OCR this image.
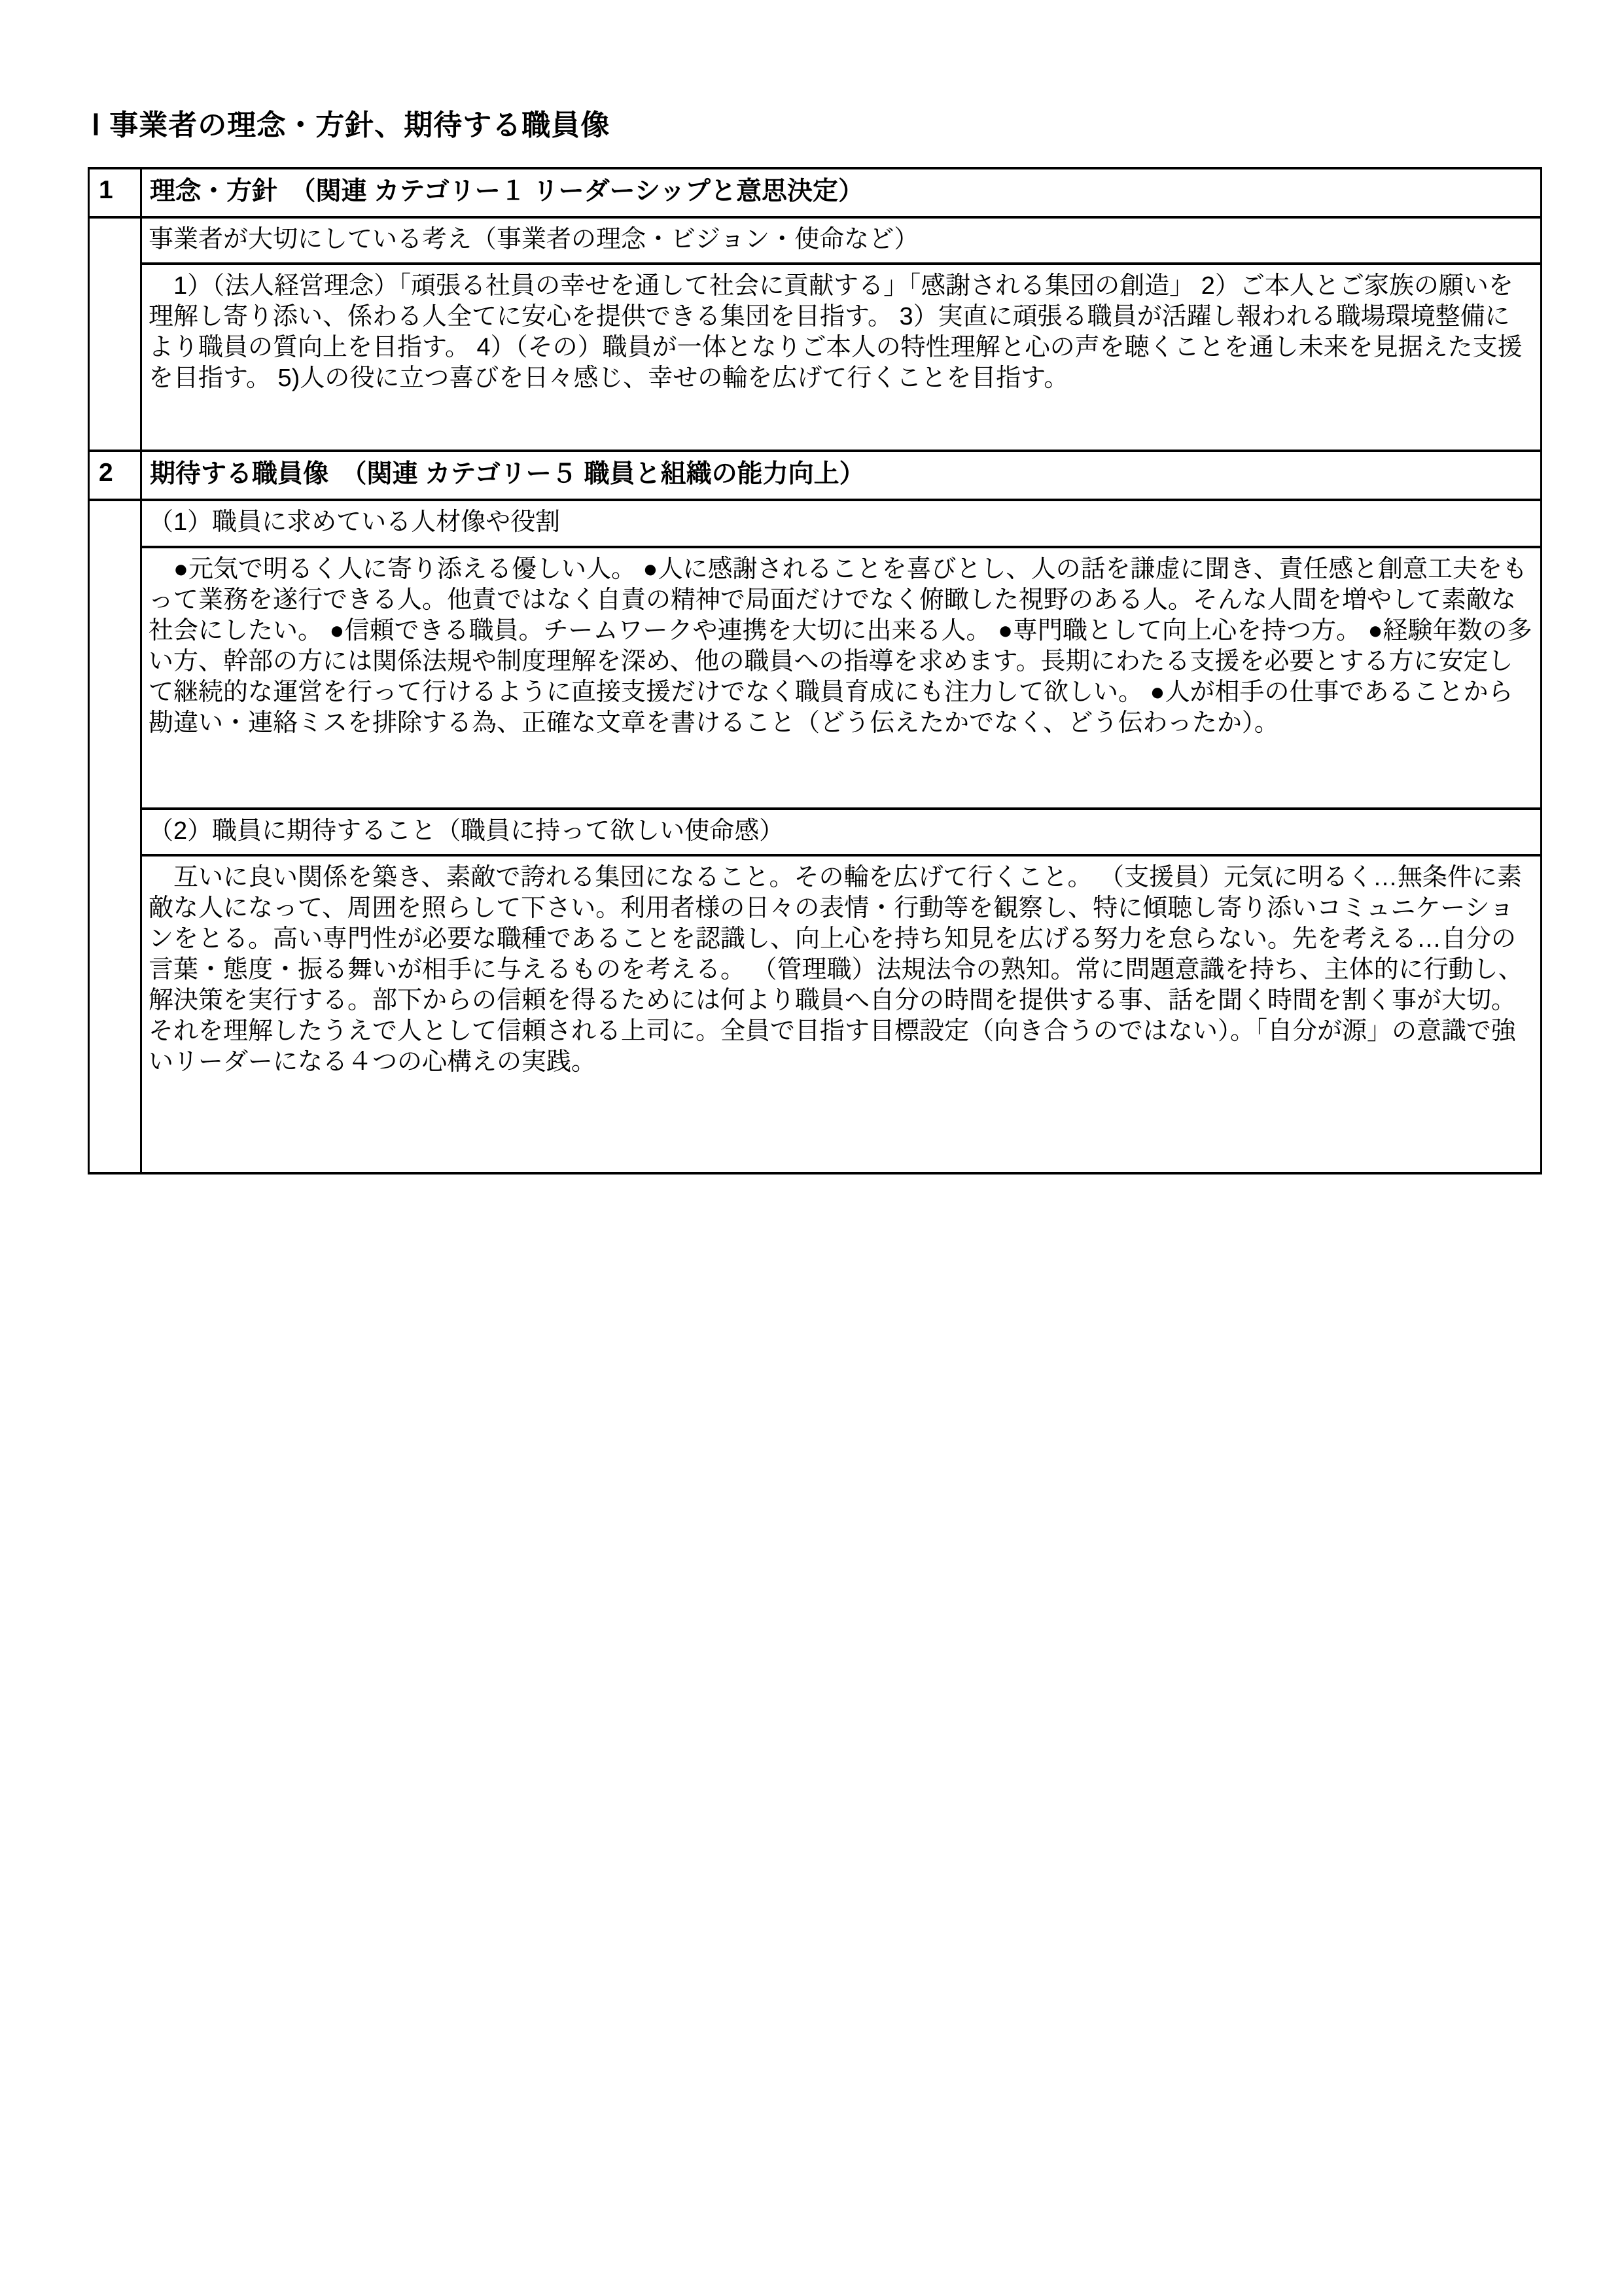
Ⅰ 事業者の理念・方針、期待する職員像
1	理念・方針　（関連 カテゴリー１ リーダーシップと意思決定）
事業者が大切にしている考え（事業者の理念・ビジョン・使命など）
1）（法人経営理念）「頑張る社員の幸せを通して社会に貢献する」「感謝される集団の創造」 2）ご本人とご家族の願いを理解し寄り添い、係わる人全てに安心を提供できる集団を目指す。 3）実直に頑張る職員が活躍し報われる職場環境整備により職員の質向上を目指す。 4）（その）職員が一体となりご本人の特性理解と心の声を聴くことを通し未来を見据えた支援を目指す。 5)人の役に立つ喜びを日々感じ、幸せの輪を広げて行くことを目指す。
2	期待する職員像　（関連 カテゴリー５ 職員と組織の能力向上）
（1）職員に求めている人材像や役割
●元気で明るく人に寄り添える優しい人。 ●人に感謝されることを喜びとし、人の話を謙虚に聞き、責任感と創意工夫をもって業務を遂行できる人。他責ではなく自責の精神で局面だけでなく俯瞰した視野のある人。そんな人間を増やして素敵な社会にしたい。 ●信頼できる職員。チームワークや連携を大切に出来る人。 ●専門職として向上心を持つ方。 ●経験年数の多い方、幹部の方には関係法規や制度理解を深め、他の職員への指導を求めます。長期にわたる支援を必要とする方に安定して継続的な運営を行って行けるように直接支援だけでなく職員育成にも注力して欲しい。 ●人が相手の仕事であることから勘違い・連絡ミスを排除する為、正確な文章を書けること（どう伝えたかでなく、どう伝わったか）。
（2）職員に期待すること（職員に持って欲しい使命感）
互いに良い関係を築き、素敵で誇れる集団になること。その輪を広げて行くこと。 （支援員）元気に明るく…無条件に素敵な人になって、周囲を照らして下さい。利用者様の日々の表情・行動等を観察し、特に傾聴し寄り添いコミュニケーションをとる。高い専門性が必要な職種であることを認識し、向上心を持ち知見を広げる努力を怠らない。先を考える…自分の言葉・態度・振る舞いが相手に与えるものを考える。 （管理職）法規法令の熟知。常に問題意識を持ち、主体的に行動し、解決策を実行する。部下からの信頼を得るためには何より職員へ自分の時間を提供する事、話を聞く時間を割く事が大切。それを理解したうえで人として信頼される上司に。全員で目指す目標設定（向き合うのではない）。「自分が源」の意識で強いリーダーになる４つの心構えの実践。
